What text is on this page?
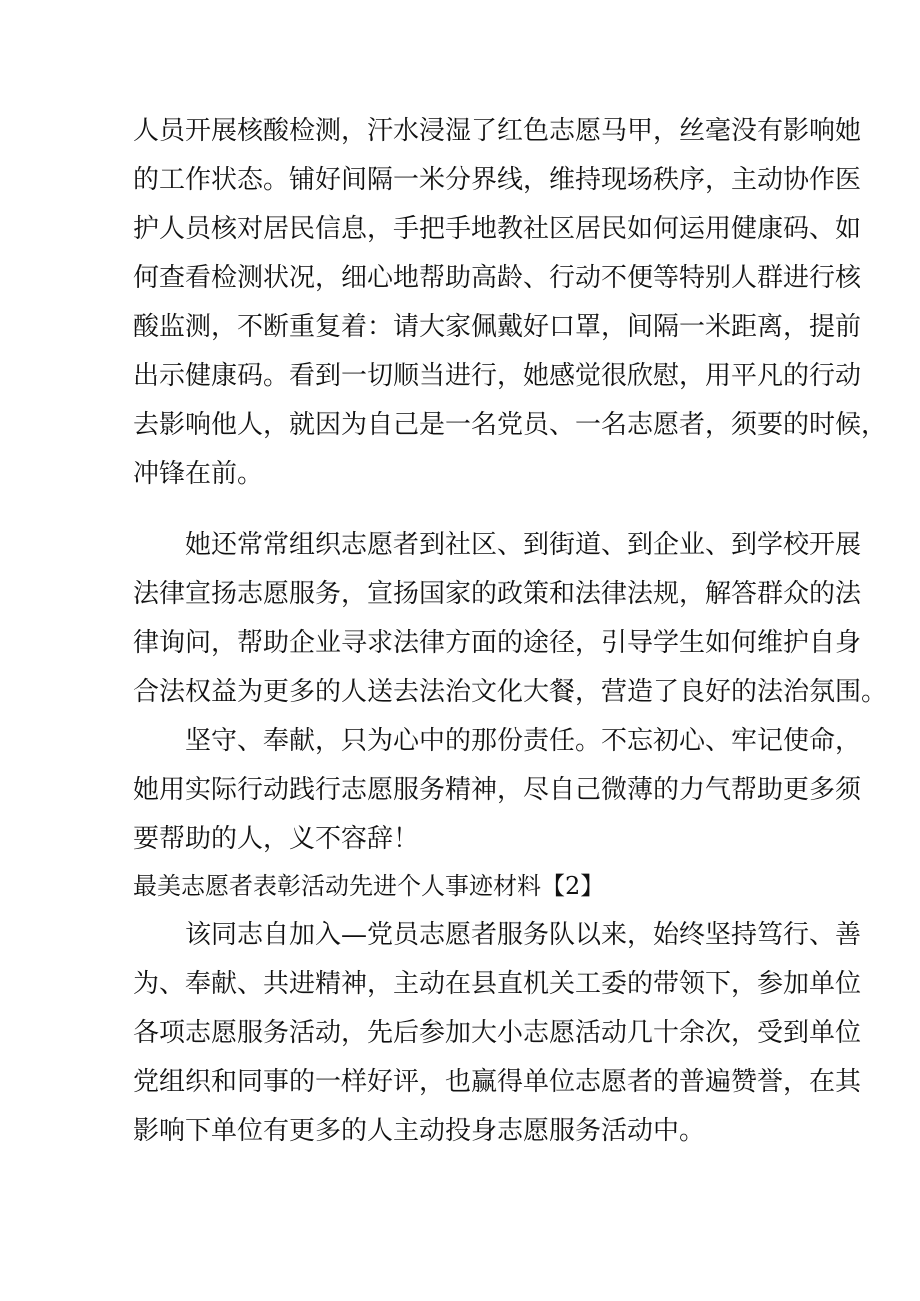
人员开展核酸检测，汗水浸湿了红色志愿马甲，丝毫没有影响她
的工作状态。铺好间隔一米分界线，维持现场秩序，主动协作医
护人员核对居民信息，手把手地教社区居民如何运用健康码、如
何查看检测状况，细心地帮助高龄、行动不便等特别人群进行核
酸监测，不断重复着：请大家佩戴好口罩，间隔一米距离，提前
出示健康码。看到一切顺当进行，她感觉很欣慰，用平凡的行动
去影响他人，就因为自己是一名党员、一名志愿者，须要的时候，
冲锋在前。
她还常常组织志愿者到社区、到街道、到企业、到学校开展
法律宣扬志愿服务，宣扬国家的政策和法律法规，解答群众的法
律询问，帮助企业寻求法律方面的途径，引导学生如何维护自身
合法权益为更多的人送去法治文化大餐，营造了良好的法治氛围。
坚守、奉献，只为心中的那份责任。不忘初心、牢记使命，
她用实际行动践行志愿服务精神，尽自己微薄的力气帮助更多须
要帮助的人，义不容辞！
最美志愿者表彰活动先进个人事迹材料【2】
该同志自加入—党员志愿者服务队以来，始终坚持笃行、善
为、奉献、共进精神，主动在县直机关工委的带领下，参加单位
各项志愿服务活动，先后参加大小志愿活动几十余次，受到单位
党组织和同事的一样好评，也赢得单位志愿者的普遍赞誉，在其
影响下单位有更多的人主动投身志愿服务活动中。
